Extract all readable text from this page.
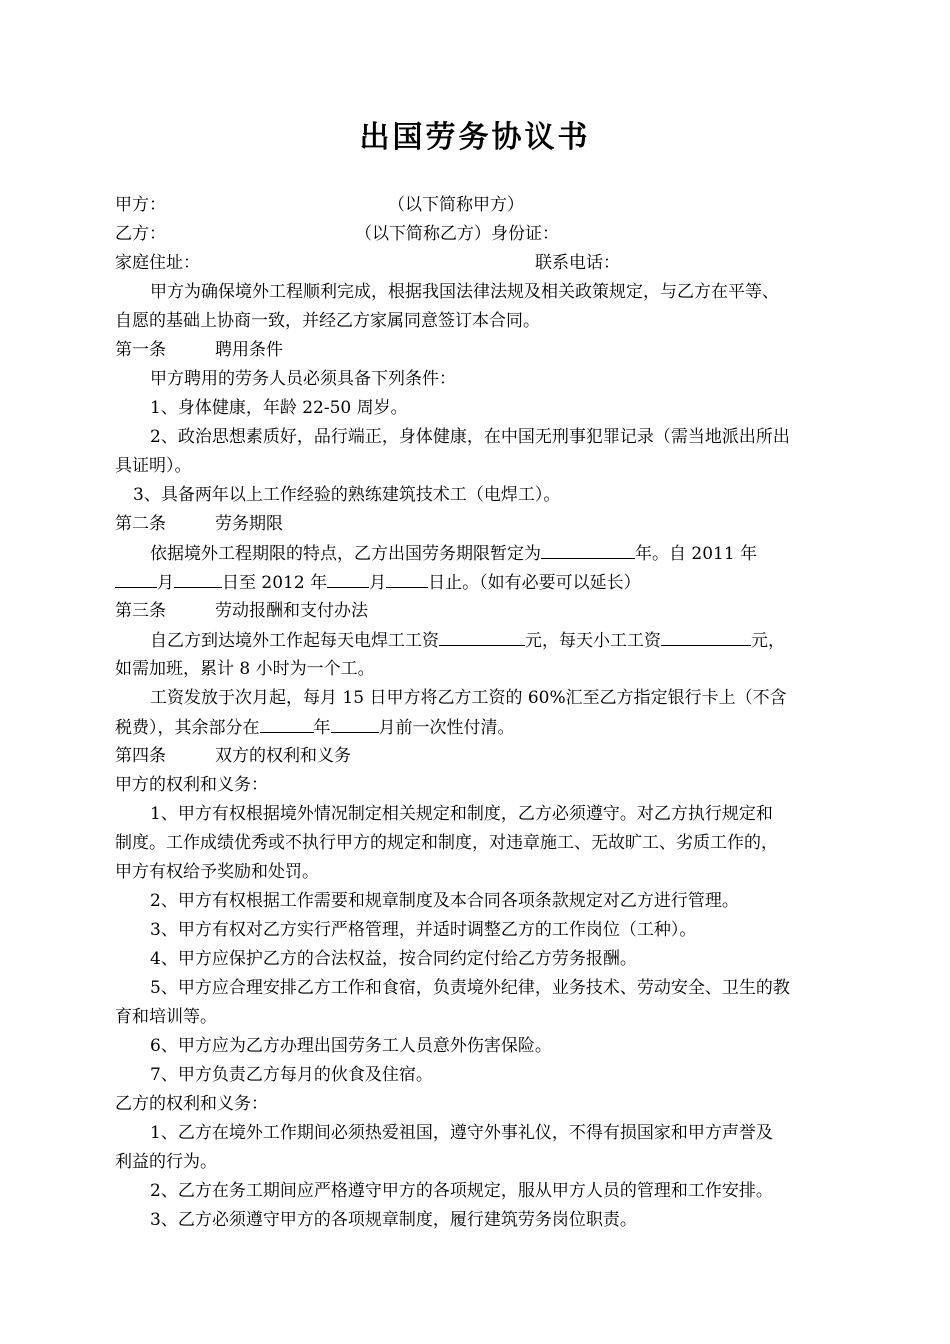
出国劳务协议书
甲方：	（以下简称甲方）
乙方：	（以下简称乙方）身份证：
家庭住址：	联系电话：
甲方为确保境外工程顺利完成，根据我国法律法规及相关政策规定，与乙方在平等、
自愿的基础上协商一致，并经乙方家属同意签订本合同。
第一条	聘用条件
甲方聘用的劳务人员必须具备下列条件：
1、身体健康，年龄 22-50 周岁。
2、政治思想素质好，品行端正，身体健康，在中国无刑事犯罪记录（需当地派出所出
具证明）。
3、具备两年以上工作经验的熟练建筑技术工（电焊工）。
第二条	劳务期限
依据境外工程期限的特点，乙方出国劳务期限暂定为	年。自 2011 年
月	日至 2012 年 月 日止。（如有必要可以延长）
第三条	劳动报酬和支付办法
自乙方到达境外工作起每天电焊工工资	元，每天小工工资	元，
如需加班，累计 8 小时为一个工。
工资发放于次月起，每月 15 日甲方将乙方工资的 60%汇至乙方指定银行卡上（不含
税费），其余部分在	年	月前一次性付清。
第四条	双方的权利和义务
甲方的权利和义务：
1、甲方有权根据境外情况制定相关规定和制度，乙方必须遵守。对乙方执行规定和
制度。工作成绩优秀或不执行甲方的规定和制度，对违章施工、无故旷工、劣质工作的，
甲方有权给予奖励和处罚。
2、甲方有权根据工作需要和规章制度及本合同各项条款规定对乙方进行管理。
3、甲方有权对乙方实行严格管理，并适时调整乙方的工作岗位（工种）。
4、甲方应保护乙方的合法权益，按合同约定付给乙方劳务报酬。
5、甲方应合理安排乙方工作和食宿，负责境外纪律，业务技术、劳动安全、卫生的教
育和培训等。
6、甲方应为乙方办理出国劳务工人员意外伤害保险。
7、甲方负责乙方每月的伙食及住宿。
乙方的权利和义务：
1、乙方在境外工作期间必须热爱祖国，遵守外事礼仪，不得有损国家和甲方声誉及
利益的行为。
2、乙方在务工期间应严格遵守甲方的各项规定，服从甲方人员的管理和工作安排。
3、乙方必须遵守甲方的各项规章制度，履行建筑劳务岗位职责。
